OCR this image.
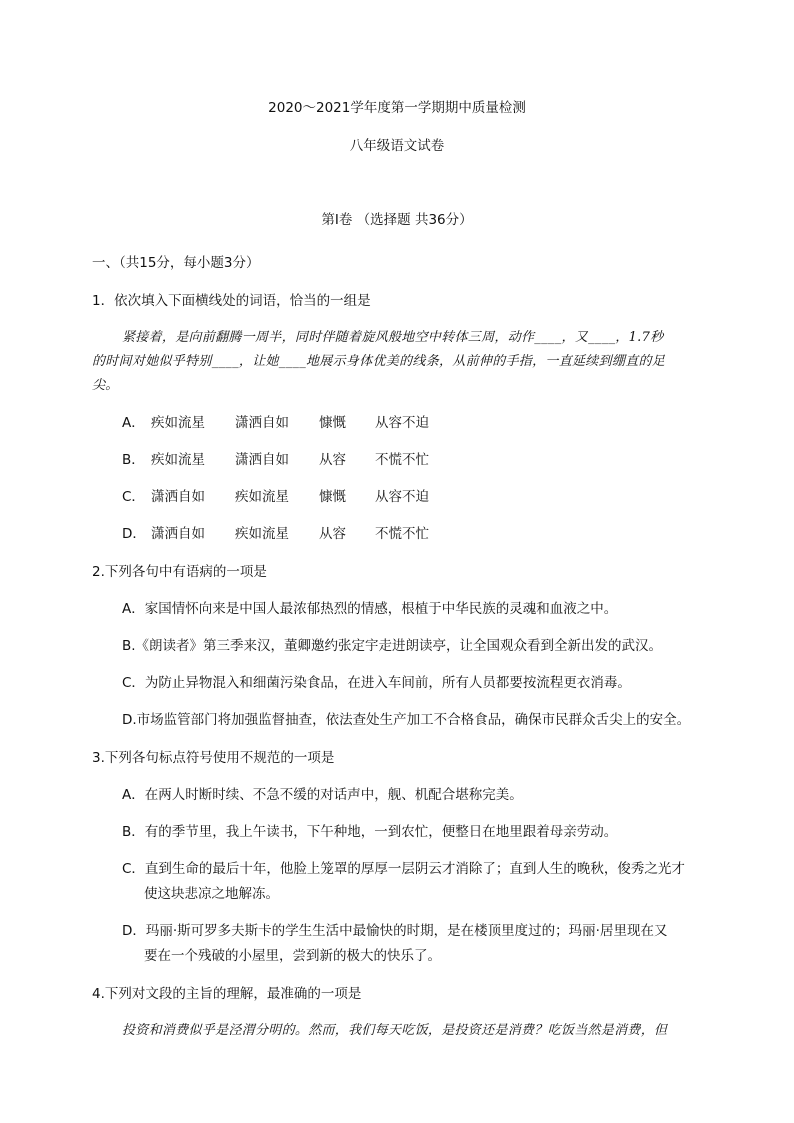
2020～2021学年度第一学期期中质量检测
八年级语文试卷
第Ⅰ卷 （选择题 共36分）
一、（共15分，每小题3分）
1．依次填入下面横线处的词语，恰当的一组是
紧接着，是向前翻腾一周半，同时伴随着旋风般地空中转体三周，动作____，又____，1.7秒
的时间对她似乎特别____，让她____地展示身体优美的线条，从前伸的手指，一直延续到绷直的足
尖。
A． 疾如流星 潇洒自如 慷慨 从容不迫
B． 疾如流星 潇洒自如 从容 不慌不忙
C． 潇洒自如 疾如流星 慷慨 从容不迫
D． 潇洒自如 疾如流星 从容 不慌不忙
2.下列各句中有语病的一项是
A．家国情怀向来是中国人最浓郁热烈的情感，根植于中华民族的灵魂和血液之中。
B.《朗读者》第三季来汉，董卿邀约张定宇走进朗读亭，让全国观众看到全新出发的武汉。
C．为防止异物混入和细菌污染食品，在进入车间前，所有人员都要按流程更衣消毒。
D.市场监管部门将加强监督抽查，依法查处生产加工不合格食品，确保市民群众舌尖上的安全。
3.下列各句标点符号使用不规范的一项是
A．在两人时断时续、不急不缓的对话声中，舰、机配合堪称完美。
B．有的季节里，我上午读书，下午种地，一到农忙，便整日在地里跟着母亲劳动。
C．直到生命的最后十年，他脸上笼罩的厚厚一层阴云才消除了；直到人生的晚秋，俊秀之光才
使这块悲凉之地解冻。
D．玛丽·斯可罗多夫斯卡的学生生活中最愉快的时期，是在楼顶里度过的；玛丽·居里现在又
要在一个残破的小屋里，尝到新的极大的快乐了。
4.下列对文段的主旨的理解，最准确的一项是
投资和消费似乎是泾渭分明的。然而，我们每天吃饭，是投资还是消费？吃饭当然是消费，但
